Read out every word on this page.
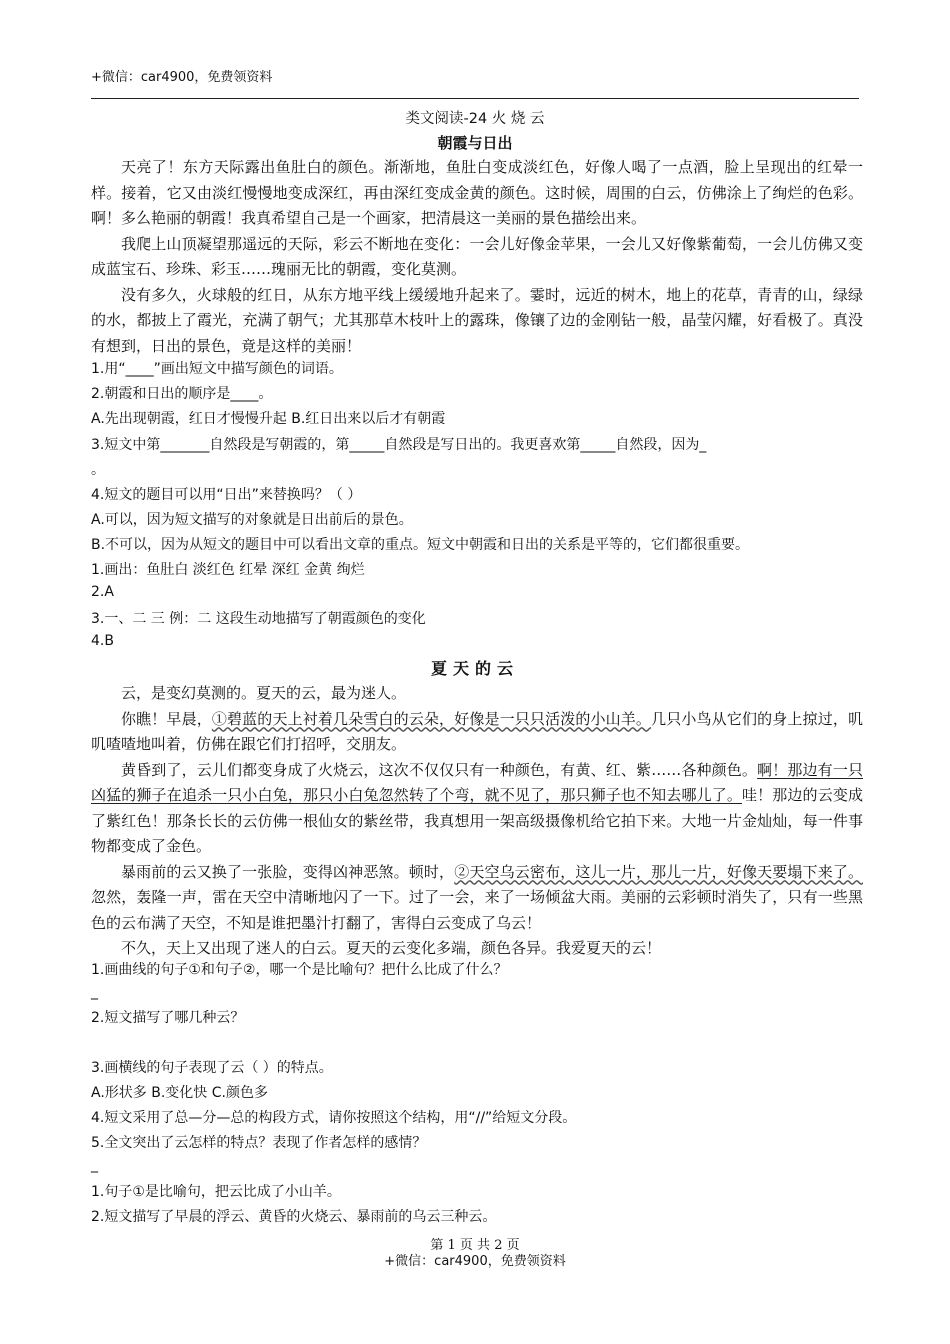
+微信：car4900，免费领资料
类文阅读-24 火 烧 云
朝霞与日出
天亮了！东方天际露出鱼肚白的颜色。渐渐地，鱼肚白变成淡红色，好像人喝了一点酒，脸上呈现出的红晕一样。接着，它又由淡红慢慢地变成深红，再由深红变成金黄的颜色。这时候，周围的白云，仿佛涂上了绚烂的色彩。啊！多么艳丽的朝霞！我真希望自己是一个画家，把清晨这一美丽的景色描绘出来。
我爬上山顶凝望那遥远的天际，彩云不断地在变化：一会儿好像金苹果，一会儿又好像紫葡萄，一会儿仿佛又变成蓝宝石、珍珠、彩玉……瑰丽无比的朝霞，变化莫测。
没有多久，火球般的红日，从东方地平线上缓缓地升起来了。霎时，远近的树木，地上的花草，青青的山，绿绿的水，都披上了霞光，充满了朝气；尤其那草木枝叶上的露珠，像镶了边的金刚钻一般，晶莹闪耀，好看极了。真没有想到，日出的景色，竟是这样的美丽！
1.用“____”画出短文中描写颜色的词语。
2.朝霞和日出的顺序是____。
A.先出现朝霞，红日才慢慢升起 B.红日出来以后才有朝霞
3.短文中第_______自然段是写朝霞的，第_____自然段是写日出的。我更喜欢第_____自然段，因为_
。
4.短文的题目可以用“日出”来替换吗？（ ）
A.可以，因为短文描写的对象就是日出前后的景色。
B.不可以，因为从短文的题目中可以看出文章的重点。短文中朝霞和日出的关系是平等的，它们都很重要。
1.画出：鱼肚白 淡红色 红晕 深红 金黄 绚烂
2.A
3.一、二 三 例：二 这段生动地描写了朝霞颜色的变化
4.B
夏天的云
云，是变幻莫测的。夏天的云，最为迷人。
你瞧！早晨，①碧蓝的天上衬着几朵雪白的云朵，好像是一只只活泼的小山羊。几只小鸟从它们的身上掠过，叽叽喳喳地叫着，仿佛在跟它们打招呼，交朋友。
黄昏到了，云儿们都变身成了火烧云，这次不仅仅只有一种颜色，有黄、红、紫……各种颜色。啊！那边有一只凶猛的狮子在追杀一只小白兔，那只小白兔忽然转了个弯，就不见了，那只狮子也不知去哪儿了。哇！那边的云变成了紫红色！那条长长的云仿佛一根仙女的紫丝带，我真想用一架高级摄像机给它拍下来。大地一片金灿灿，每一件事物都变成了金色。
暴雨前的云又换了一张脸，变得凶神恶煞。顿时，②天空乌云密布，这儿一片，那儿一片，好像天要塌下来了。忽然，轰隆一声，雷在天空中清晰地闪了一下。过了一会，来了一场倾盆大雨。美丽的云彩顿时消失了，只有一些黑色的云布满了天空，不知是谁把墨汁打翻了，害得白云变成了乌云！
不久，天上又出现了迷人的白云。夏天的云变化多端，颜色各异。我爱夏天的云！
1.画曲线的句子①和句子②，哪一个是比喻句？把什么比成了什么？
_
2.短文描写了哪几种云？
3.画横线的句子表现了云（ ）的特点。
A.形状多 B.变化快 C.颜色多
4.短文采用了总—分—总的构段方式，请你按照这个结构，用“//”给短文分段。
5.全文突出了云怎样的特点？表现了作者怎样的感情？
_
1.句子①是比喻句，把云比成了小山羊。
2.短文描写了早晨的浮云、黄昏的火烧云、暴雨前的乌云三种云。
第 1 页 共 2 页
+微信：car4900，免费领资料
